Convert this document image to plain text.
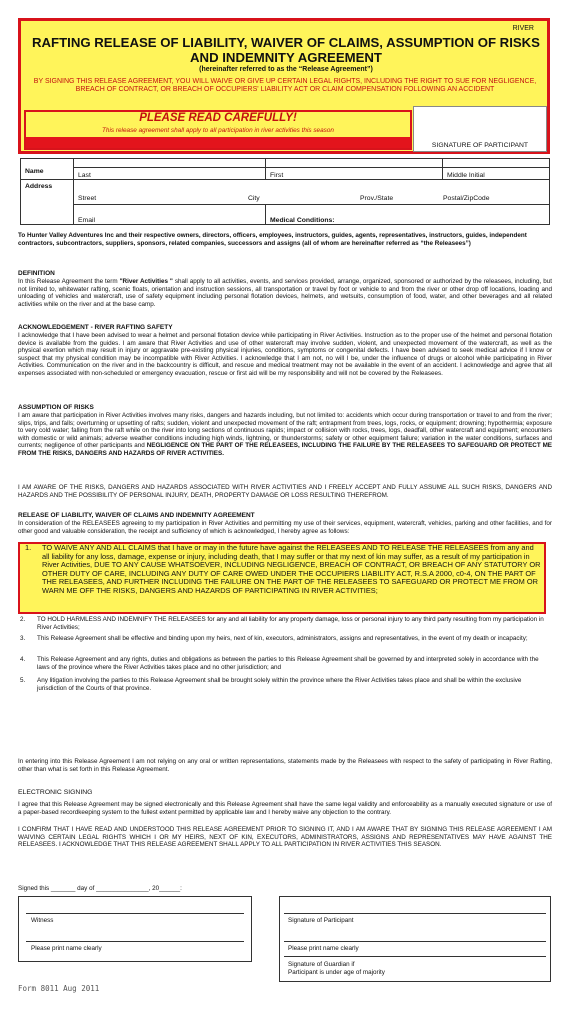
RIVER
RAFTING RELEASE OF LIABILITY, WAIVER OF CLAIMS, ASSUMPTION OF RISKS AND INDEMNITY AGREEMENT
(hereinafter referred to as the “Release Agreement”)
BY SIGNING THIS RELEASE AGREEMENT, YOU WILL WAIVE OR GIVE UP CERTAIN LEGAL RIGHTS, INCLUDING THE RIGHT TO SUE FOR NEGLIGENCE, BREACH OF CONTRACT, OR BREACH OF OCCUPIERS' LIABILITY ACT OR CLAIM COMPENSATION FOLLOWING AN ACCIDENT
PLEASE READ CAREFULLY!
This release agreement shall apply to all participation in river activities this season
SIGNATURE OF PARTICIPANT

Name	Last	First	Middle Initial
Address	Street City Prov./State Postal/ZipCode		

	Email	Medical Conditions:	
To Hunter Valley Adventures Inc and their respective owners, directors, officers, employees, instructors, guides, agents, representatives, instructors, guides, independent contractors, subcontractors, suppliers, sponsors, related companies, successors and assigns (all of whom are hereinafter referred as “the Releasees”)
DEFINITION
In this Release Agreement the term "River Activities " shall apply to all activities, events, and services provided, arrange, organized, sponsored or authorized by the releasees, including, but not limited to, whitewater rafting, scenic floats, orientation and instruction sessions, all transportation or travel by foot or vehicle to and from the river or other drop off locations, loading and unloading of vehicles and watercraft, use of safety equipment including personal flotation devices, helmets, and wetsuits, consumption of food, water, and other beverages and all related activities while on the river and at the base camp.
ACKNOWLEDGEMENT - RIVER RAFTING SAFETY
I acknowledge that I have been advised to wear a helmet and personal flotation device while participating in River Activities. Instruction as to the proper use of the helmet and personal flotation device is available from the guides. I am aware that River Activities and use of other watercraft may involve sudden, violent, and unexpected movement of the watercraft, as well as the physical exertion which may result in injury or aggravate pre-existing physical injuries, conditions, symptoms or congenital defects. I have been advised to seek medical advice if I know or suspect that my physical condition may be incompatible with River Activities. I acknowledge that I am not, no will I be, under the influence of drugs or alcohol while participating in River Activities. Communication on the river and in the backcountry is difficult, and rescue and medical treatment may not be available in the event of an accident. I acknowledge and agree that all expenses associated with non-scheduled or emergency evacuation, rescue or first aid will be my responsibility and will not be covered by the Releasees.
ASSUMPTION OF RISKS
I am aware that participation in River Activities involves many risks, dangers and hazards including, but not limited to: accidents which occur during transportation or travel to and from the river; slips, trips, and falls; overturning or upsetting of rafts; sudden, violent and unexpected movement of the raft; entrapment from trees, logs, rocks, or equipment; drowning; hypothermia; exposure to very cold water; falling from the raft while on the river into long sections of continuous rapids; impact or collision with rocks, trees, logs, deadfall, other watercraft and equipment; encounters with domestic or wild animals; adverse weather conditions including high winds, lightning, or thunderstorms; safety or other equipment failure; variation in the water conditions, surfaces and currents; negligence of other participants and NEGLIGENCE ON THE PART OF THE RELEASEES, INCLUDING THE FAILURE BY THE RELEASEES TO SAFEGUARD OR PROTECT ME FROM THE RISKS, DANGERS AND HAZARDS OF RIVER ACTIVITIES.
I AM AWARE OF THE RISKS, DANGERS AND HAZARDS ASSOCIATED WITH RIVER ACTIVITIES AND I FREELY ACCEPT AND FULLY ASSUME ALL SUCH RISKS, DANGERS AND HAZARDS AND THE POSSIBILITY OF PERSONAL INJURY, DEATH, PROPERTY DAMAGE OR LOSS RESULTING THEREFROM.
RELEASE OF LIABILITY, WAIVER OF CLAIMS AND INDEMNITY AGREEMENT
In consideration of the RELEASEES agreeing to my participation in River Activities and permitting my use of their services, equipment, watercraft, vehicles, parking and other facilities, and for other good and valuable consideration, the receipt and sufficiency of which is acknowledged, I hereby agree as follows:
1. TO WAIVE ANY AND ALL CLAIMS that I have or may in the future have against the RELEASEES AND TO RELEASE THE RELEASEES from any and all liability for any loss, damage, expense or injury, including death, that I may suffer or that my next of kin may suffer, as a result of my participation in River Activities, DUE TO ANY CAUSE WHATSOEVER, INCLUDING NEGLIGENCE, BREACH OF CONTRACT, OR BREACH OF ANY STATUTORY OR OTHER DUTY OF CARE, INCLUDING ANY DUTY OF CARE OWED UNDER THE OCCUPIERS LIABILITY ACT, R.S.A 2000, c0-4, ON THE PART OF THE RELEASEES, AND FURTHER INCLUDING THE FAILURE ON THE PART OF THE RELEASEES TO SAFEGUARD OR PROTECT ME FROM OR WARN ME OFF THE RISKS, DANGERS AND HAZARDS OF PARTICIPATING IN RIVER ACTIVITIES;
2. TO HOLD HARMLESS AND INDEMNIFY THE RELEASEES for any and all liability for any property damage, loss or personal injury to any third party resulting from my participation in River Activities;
3. This Release Agreement shall be effective and binding upon my heirs, next of kin, executors, administrators, assigns and representatives, in the event of my death or incapacity;
4. This Release Agreement and any rights, duties and obligations as between the parties to this Release Agreement shall be governed by and interpreted solely in accordance with the laws of the province where the River Activities takes place and no other jurisdiction; and
5. Any litigation involving the parties to this Release Agreement shall be brought solely within the province where the River Activities takes place and shall be within the exclusive jurisdiction of the Courts of that province.
In entering into this Release Agreement I am not relying on any oral or written representations, statements made by the Releasees with respect to the safety of participating in River Rafting, other than what is set forth in this Release Agreement.
ELECTRONIC SIGNING
I agree that this Release Agreement may be signed electronically and this Release Agreement shall have the same legal validity and enforceability as a manually executed signature or use of a paper-based recordkeeping system to the fullest extent permitted by applicable law and I hereby waive any objection to the contrary.
I CONFIRM THAT I HAVE READ AND UNDERSTOOD THIS RELEASE AGREEMENT PRIOR TO SIGNING IT, AND I AM AWARE THAT BY SIGNING THIS RELEASE AGREEMENT I AM WAIVING CERTAIN LEGAL RIGHTS WHICH I OR MY HEIRS, NEXT OF KIN, EXECUTORS, ADMINISTRATORS, ASSIGNS AND REPRESENTATIVES MAY HAVE AGAINST THE RELEASEES. I ACKNOWLEDGE THAT THIS RELEASE AGREEMENT SHALL APPLY TO ALL PARTICIPATION IN RIVER ACTIVITIES THIS SEASON.
Signed this _______ day of _______________, 20______:
Witness
Please print name clearly
Signature of Participant
Please print name clearly
Signature of Guardian if
Participant is under age of majority
Form 8011 Aug 2011
